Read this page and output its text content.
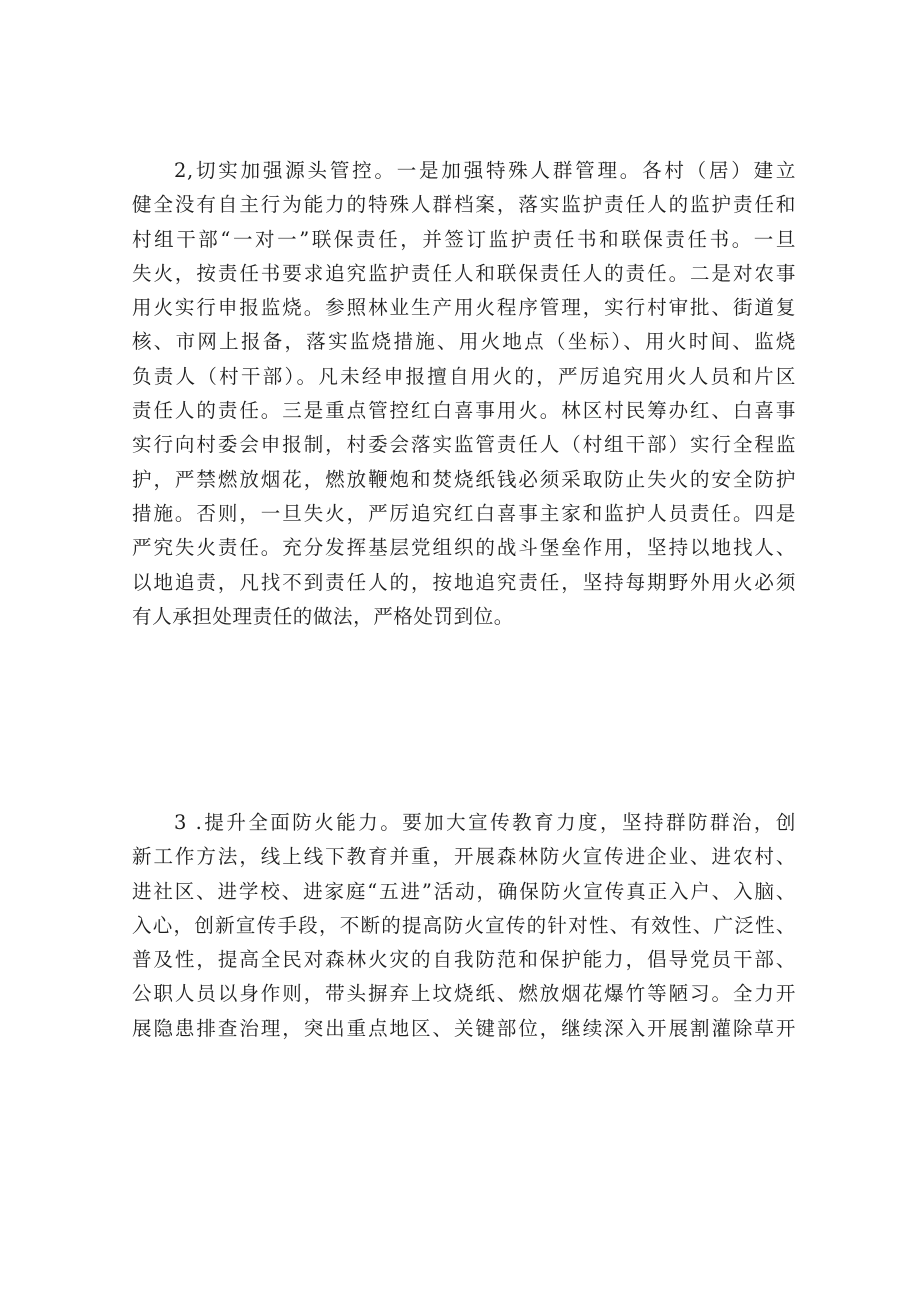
2,切实加强源头管控。一是加强特殊人群管理。各村（居）建立
健全没有自主行为能力的特殊人群档案，落实监护责任人的监护责任和
村组干部“一对一”联保责任，并签订监护责任书和联保责任书。一旦
失火，按责任书要求追究监护责任人和联保责任人的责任。二是对农事
用火实行申报监烧。参照林业生产用火程序管理，实行村审批、街道复
核、市网上报备，落实监烧措施、用火地点（坐标）、用火时间、监烧
负责人（村干部）。凡未经申报擅自用火的，严厉追究用火人员和片区
责任人的责任。三是重点管控红白喜事用火。林区村民筹办红、白喜事
实行向村委会申报制，村委会落实监管责任人（村组干部）实行全程监
护，严禁燃放烟花，燃放鞭炮和焚烧纸钱必须采取防止失火的安全防护
措施。否则，一旦失火，严厉追究红白喜事主家和监护人员责任。四是
严究失火责任。充分发挥基层党组织的战斗堡垒作用，坚持以地找人、
以地追责，凡找不到责任人的，按地追究责任，坚持每期野外用火必须
有人承担处理责任的做法，严格处罚到位。
3 .提升全面防火能力。要加大宣传教育力度，坚持群防群治，创
新工作方法，线上线下教育并重，开展森林防火宣传进企业、进农村、
进社区、进学校、进家庭“五进”活动，确保防火宣传真正入户、入脑、
入心，创新宣传手段，不断的提高防火宣传的针对性、有效性、广泛性、
普及性，提高全民对森林火灾的自我防范和保护能力，倡导党员干部、
公职人员以身作则，带头摒弃上坟烧纸、燃放烟花爆竹等陋习。全力开
展隐患排查治理，突出重点地区、关键部位，继续深入开展割灌除草开
